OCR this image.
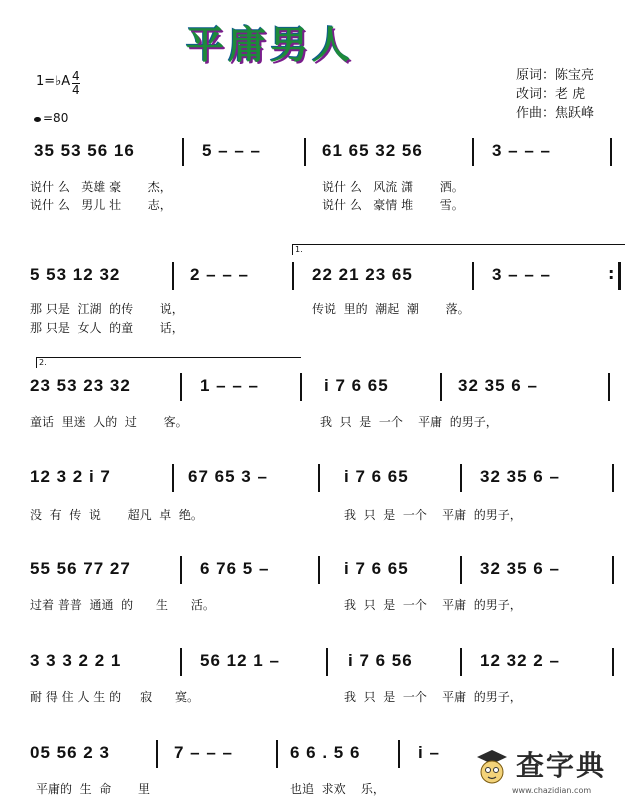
平庸男人
1=♭A $\frac{4}{4}$
=80
原词：陈宝亮
改词：老 虎
作曲：焦跃峰
35 53 56 16	5 – – –	61 65 32 56	3 – – –
说什 么   英雄 豪       杰，	说什 么   风流 潇       洒。
说什 么   男儿 壮       志，	说什 么   豪情 堆       雪。
1.
5 53 12 32	2 – – –	22 21 23 65	3 – – –	:
那 只是  江湖  的传       说，	传说  里的  潮起  潮       落。
那 只是  女人  的童       话，
2.
23 53 23 32	1 – – –	i 7 6 65	32 35 6 –
童话  里迷  人的  过       客。	我  只  是  一个    平庸  的男子，
12 3 2 i 7	67 65 3 –	i 7 6 65	32 35 6 –
没  有  传  说       超凡  卓  绝。	我  只  是  一个    平庸  的男子，
55 56 77 27	6 76 5 –	i 7 6 65	32 35 6 –
过着 普普  通通  的      生      活。	我  只  是  一个    平庸  的男子，
3 3 3 2 2 1	56 12 1 –	i 7 6 56	12 32 2 –
耐 得 住 人 生 的     寂      寞。	我  只  是  一个    平庸  的男子，
05 56 2 3	7 – – –	6 6 . 5 6	i –
平庸的  生  命       里	也追  求欢    乐，
查字典
www.chazidian.com
